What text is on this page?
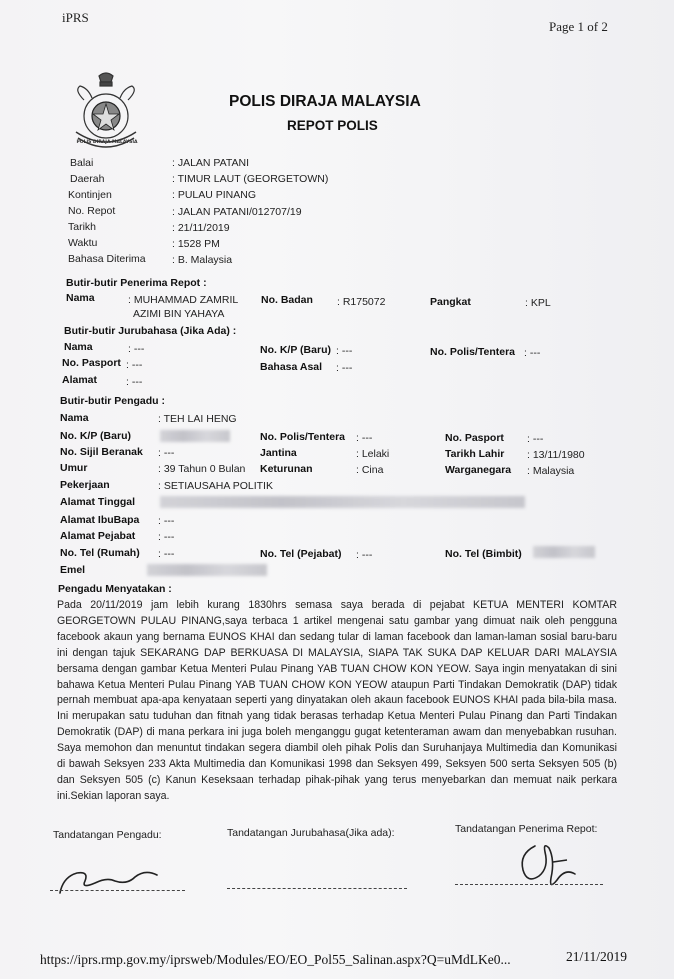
iPRS
Page 1 of 2
POLIS DIRAJA MALAYSIA
POLIS DIRAJA MALAYSIA
REPOT POLIS
Balai	: JALAN PATANI
Daerah	: TIMUR LAUT (GEORGETOWN)
Kontinjen	: PULAU PINANG
No. Repot	: JALAN PATANI/012707/19
Tarikh	: 21/11/2019
Waktu	: 1528 PM
Bahasa Diterima	: B. Malaysia
Butir-butir Penerima Repot :
Nama	: MUHAMMAD ZAMRIL
AZIMI BIN YAHAYA
No. Badan : R175072	Pangkat	: KPL
Butir-butir Jurubahasa (Jika Ada) :
Nama	: ---	No. K/P (Baru) : ---	No. Polis/Tentera : ---
No. Pasport : ---	Bahasa Asal : ---
Alamat	: ---
Butir-butir Pengadu :
Nama	: TEH LAI HENG
No. K/P (Baru)	No. Polis/Tentera : ---	No. Pasport : ---
No. Sijil Beranak : ---	Jantina	: Lelaki	Tarikh Lahir : 13/11/1980
Umur	: 39 Tahun 0 Bulan Keturunan	: Cina	Warganegara : Malaysia
Pekerjaan	: SETIAUSAHA POLITIK
Alamat Tinggal
Alamat IbuBapa : ---
Alamat Pejabat : ---
No. Tel (Rumah) : ---	No. Tel (Pejabat) : ---	No. Tel (Bimbit)
Emel
Pengadu Menyatakan :
Pada 20/11/2019 jam lebih kurang 1830hrs semasa saya berada di pejabat KETUA MENTERI KOMTAR GEORGETOWN PULAU PINANG,saya terbaca 1 artikel mengenai satu gambar yang dimuat naik oleh pengguna facebook akaun yang bernama EUNOS KHAI dan sedang tular di laman facebook dan laman-laman sosial baru-baru ini dengan tajuk SEKARANG DAP BERKUASA DI MALAYSIA, SIAPA TAK SUKA DAP KELUAR DARI MALAYSIA bersama dengan gambar Ketua Menteri Pulau Pinang YAB TUAN CHOW KON YEOW. Saya ingin menyatakan di sini bahawa Ketua Menteri Pulau Pinang YAB TUAN CHOW KON YEOW ataupun Parti Tindakan Demokratik (DAP) tidak pernah membuat apa-apa kenyataan seperti yang dinyatakan oleh akaun facebook EUNOS KHAI pada bila-bila masa. Ini merupakan satu tuduhan dan fitnah yang tidak berasas terhadap Ketua Menteri Pulau Pinang dan Parti Tindakan Demokratik (DAP) di mana perkara ini juga boleh menganggu gugat ketenteraman awam dan menyebabkan rusuhan. Saya memohon dan menuntut tindakan segera diambil oleh pihak Polis dan Suruhanjaya Multimedia dan Komunikasi di bawah Seksyen 233 Akta Multimedia dan Komunikasi 1998 dan Seksyen 499, Seksyen 500 serta Seksyen 505 (b) dan Seksyen 505 (c) Kanun Keseksaan terhadap pihak-pihak yang terus menyebarkan dan memuat naik perkara ini.Sekian laporan saya.
Tandatangan Pengadu:	Tandatangan Jurubahasa(Jika ada):	Tandatangan Penerima Repot:
https://iprs.rmp.gov.my/iprsweb/Modules/EO/EO_Pol55_Salinan.aspx?Q=uMdLKe0...	21/11/2019
